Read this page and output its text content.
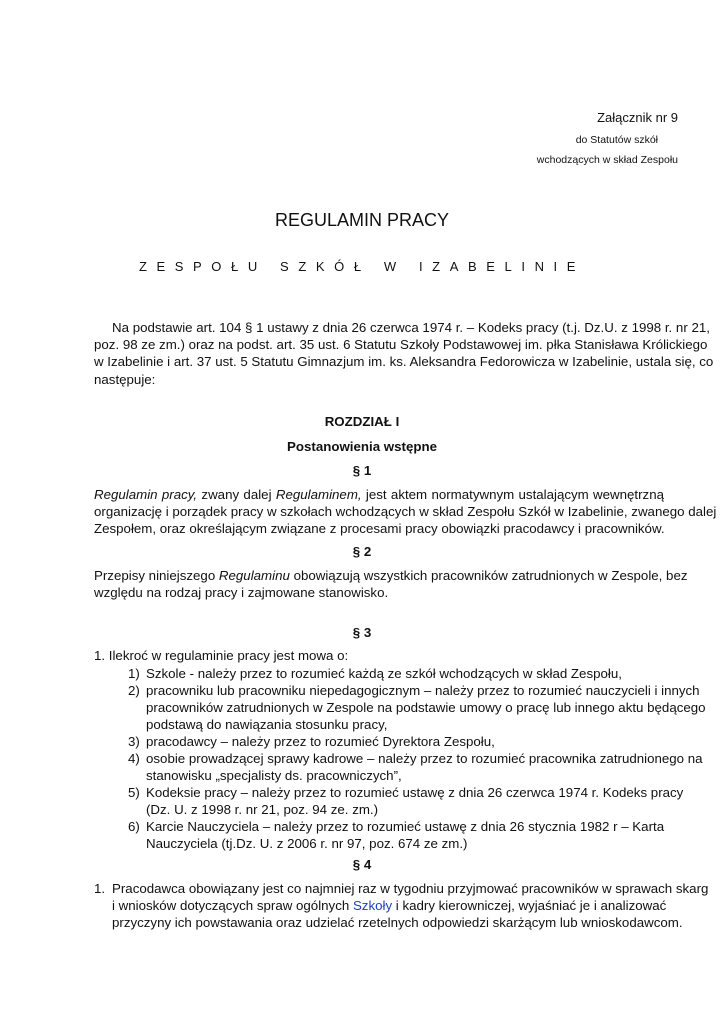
Załącznik nr 9
do Statutów szkół
wchodzących w skład Zespołu
REGULAMIN PRACY
ZESPOŁU SZKÓŁ W IZABELINIE
Na podstawie art. 104 § 1 ustawy z dnia 26 czerwca 1974 r. – Kodeks pracy (t.j. Dz.U. z 1998 r. nr 21,
poz. 98 ze zm.) oraz na podst. art. 35 ust. 6 Statutu Szkoły Podstawowej im. płka Stanisława Królickiego
w Izabelinie i art. 37 ust. 5 Statutu Gimnazjum im. ks. Aleksandra Fedorowicza w Izabelinie, ustala się, co
następuje:
ROZDZIAŁ I
Postanowienia wstępne
§ 1
Regulamin pracy, zwany dalej Regulaminem, jest aktem normatywnym ustalającym wewnętrzną
organizację i porządek pracy w szkołach wchodzących w skład Zespołu Szkół w Izabelinie, zwanego dalej
Zespołem, oraz określającym związane z procesami pracy obowiązki pracodawcy i pracowników.
§ 2
Przepisy niniejszego Regulaminu obowiązują wszystkich pracowników zatrudnionych w Zespole, bez
względu na rodzaj pracy i zajmowane stanowisko.
§ 3
1. Ilekroć w regulaminie pracy jest mowa o:
1) Szkole - należy przez to rozumieć każdą ze szkół wchodzących w skład Zespołu,
2) pracowniku lub pracowniku niepedagogicznym – należy przez to rozumieć nauczycieli i innych
pracowników zatrudnionych w Zespole na podstawie umowy o pracę lub innego aktu będącego
podstawą do nawiązania stosunku pracy,
3) pracodawcy – należy przez to rozumieć Dyrektora Zespołu,
4) osobie prowadzącej sprawy kadrowe – należy przez to rozumieć pracownika zatrudnionego na
stanowisku „specjalisty ds. pracowniczych”,
5) Kodeksie pracy – należy przez to rozumieć ustawę z dnia 26 czerwca 1974 r. Kodeks pracy
(Dz. U. z 1998 r. nr 21, poz. 94 ze. zm.)
6) Karcie Nauczyciela – należy przez to rozumieć ustawę z dnia 26 stycznia 1982 r – Karta
Nauczyciela (tj.Dz. U. z 2006 r. nr 97, poz. 674 ze zm.)
§ 4
1. Pracodawca obowiązany jest co najmniej raz w tygodniu przyjmować pracowników w sprawach skarg
i wniosków dotyczących spraw ogólnych Szkoły i kadry kierowniczej, wyjaśniać je i analizować
przyczyny ich powstawania oraz udzielać rzetelnych odpowiedzi skarżącym lub wnioskodawcom.
